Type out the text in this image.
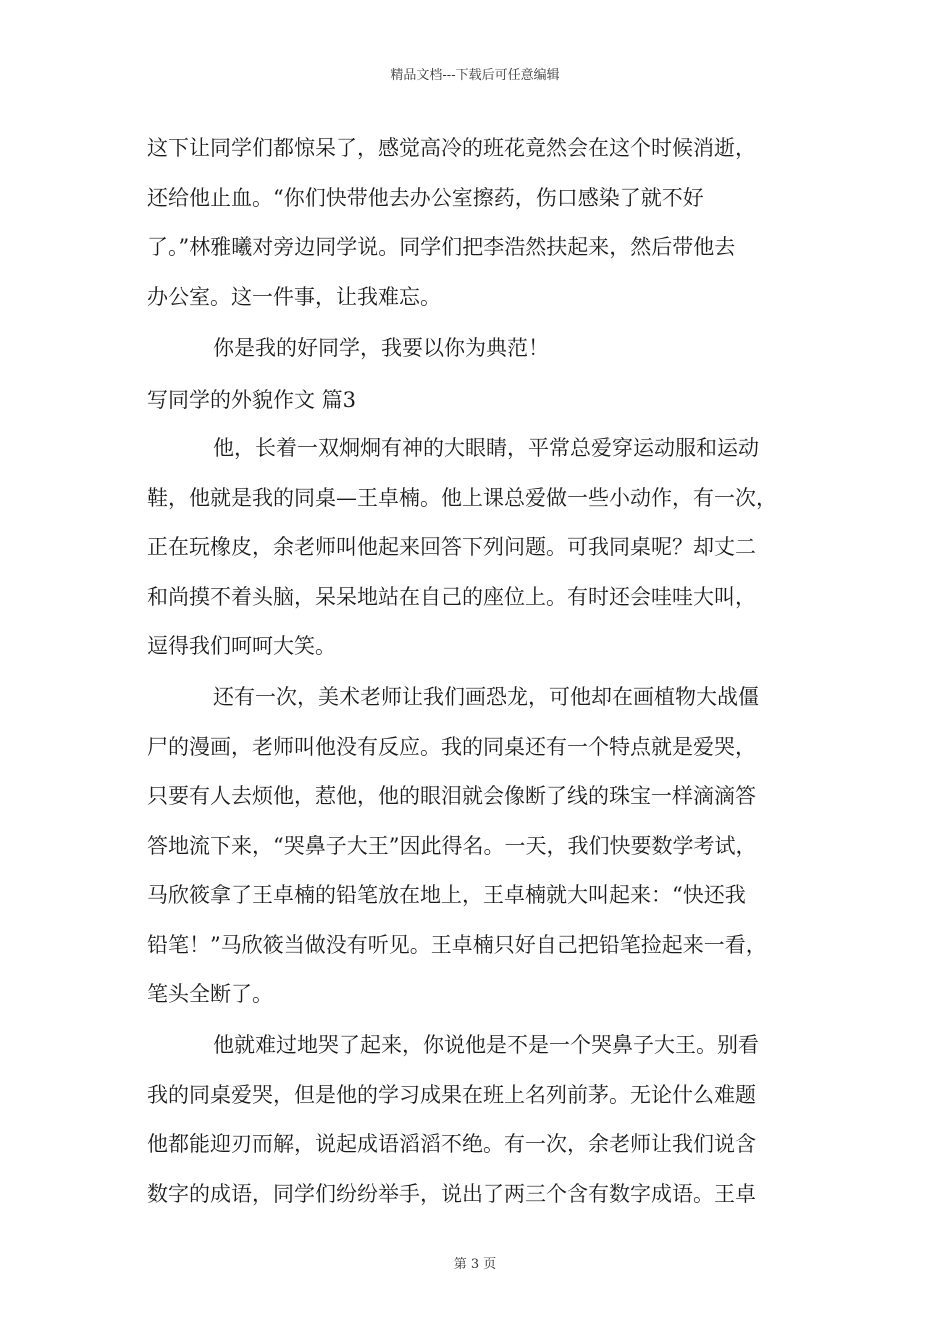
精品文档---下载后可任意编辑
这下让同学们都惊呆了，感觉高冷的班花竟然会在这个时候消逝，
还给他止血。“你们快带他去办公室擦药，伤口感染了就不好
了。”林雅曦对旁边同学说。同学们把李浩然扶起来，然后带他去
办公室。这一件事，让我难忘。
你是我的好同学，我要以你为典范！
写同学的外貌作文 篇3
他，长着一双炯炯有神的大眼睛，平常总爱穿运动服和运动
鞋，他就是我的同桌—王卓楠。他上课总爱做一些小动作，有一次，
正在玩橡皮，余老师叫他起来回答下列问题。可我同桌呢？却丈二
和尚摸不着头脑，呆呆地站在自己的座位上。有时还会哇哇大叫，
逗得我们呵呵大笑。
还有一次，美术老师让我们画恐龙，可他却在画植物大战僵
尸的漫画，老师叫他没有反应。我的同桌还有一个特点就是爱哭，
只要有人去烦他，惹他，他的眼泪就会像断了线的珠宝一样滴滴答
答地流下来，“哭鼻子大王”因此得名。一天，我们快要数学考试，
马欣筱拿了王卓楠的铅笔放在地上，王卓楠就大叫起来：“快还我
铅笔！”马欣筱当做没有听见。王卓楠只好自己把铅笔捡起来一看，
笔头全断了。
他就难过地哭了起来，你说他是不是一个哭鼻子大王。别看
我的同桌爱哭，但是他的学习成果在班上名列前茅。无论什么难题
他都能迎刃而解，说起成语滔滔不绝。有一次，余老师让我们说含
数字的成语，同学们纷纷举手，说出了两三个含有数字成语。王卓
第 3 页
